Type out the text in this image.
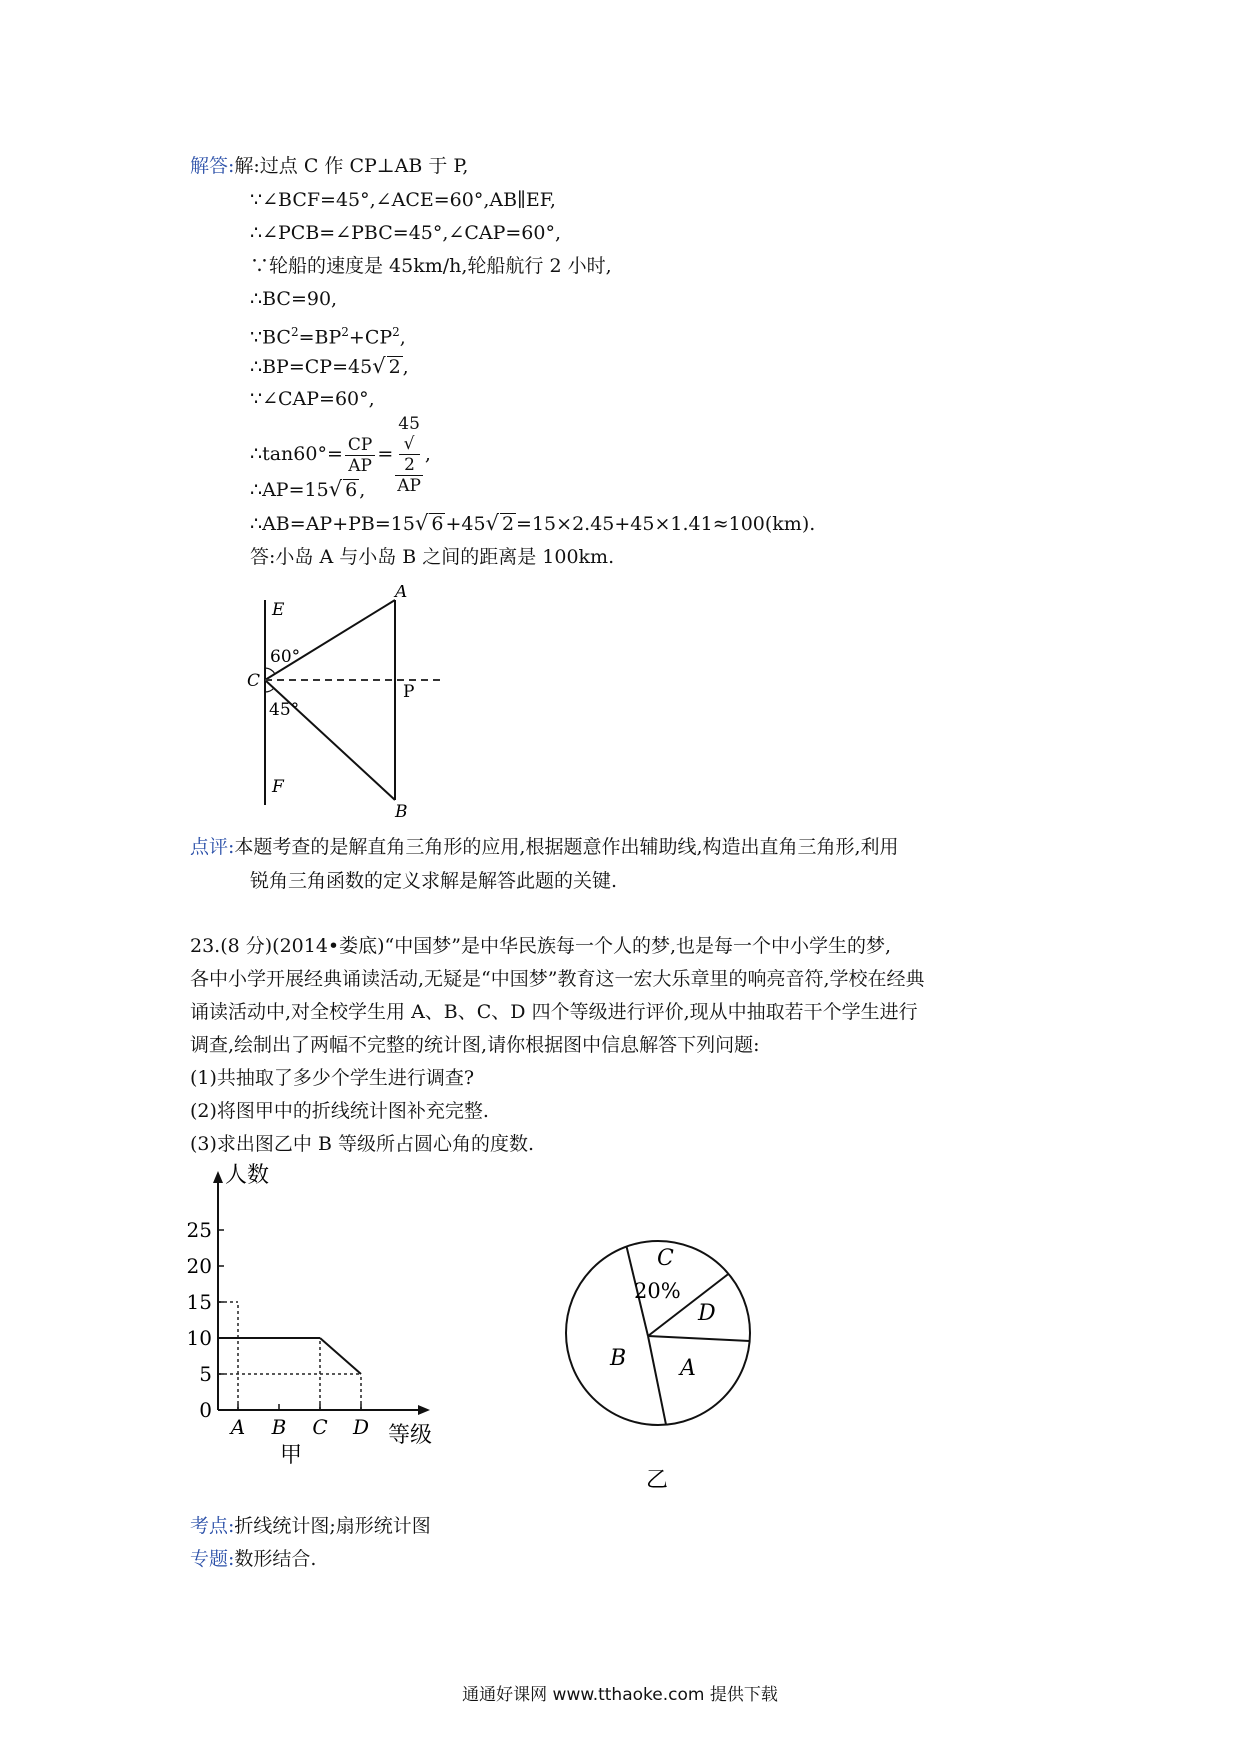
解答:解:过点 C 作 CP⊥AB 于 P,
∵∠BCF=45°,∠ACE=60°,AB∥EF,
∴∠PCB=∠PBC=45°,∠CAP=60°,
∵轮船的速度是 45km/h,轮船航行 2 小时,
∴BC=90,
$\because BC^2=BP^2+CP^2$,
∴BP=CP=45√ 2 ,
∵∠CAP=60°,
∴tan60°= $\frac{CP}{AP} = 45$
√
2
AP ,
∴AP=15√ 6 ,
∴AB=AP+PB=15√ 6 +45√ 2 =15×2.45+45×1.41≈100(km).
答:小岛 A 与小岛 B 之间的距离是 100km.
E
F
A
B
C
P
60°
45°
点评:本题考查的是解直角三角形的应用,根据题意作出辅助线,构造出直角三角形,利用
锐角三角函数的定义求解是解答此题的关键.
23.(8 分)(2014•娄底)“中国梦”是中华民族每一个人的梦,也是每一个中小学生的梦,
各中小学开展经典诵读活动,无疑是“中国梦”教育这一宏大乐章里的响亮音符,学校在经典
诵读活动中,对全校学生用 A、B、C、D 四个等级进行评价,现从中抽取若干个学生进行
调查,绘制出了两幅不完整的统计图,请你根据图中信息解答下列问题:
(1)共抽取了多少个学生进行调查?
(2)将图甲中的折线统计图补充完整.
(3)求出图乙中 B 等级所占圆心角的度数.
0
5
10
15
20
25
A B C D
人数
等级
甲
C
D
A
B
20%
乙
考点:折线统计图;扇形统计图
专题:数形结合.
通通好课网 www.tthaoke.com 提供下载
